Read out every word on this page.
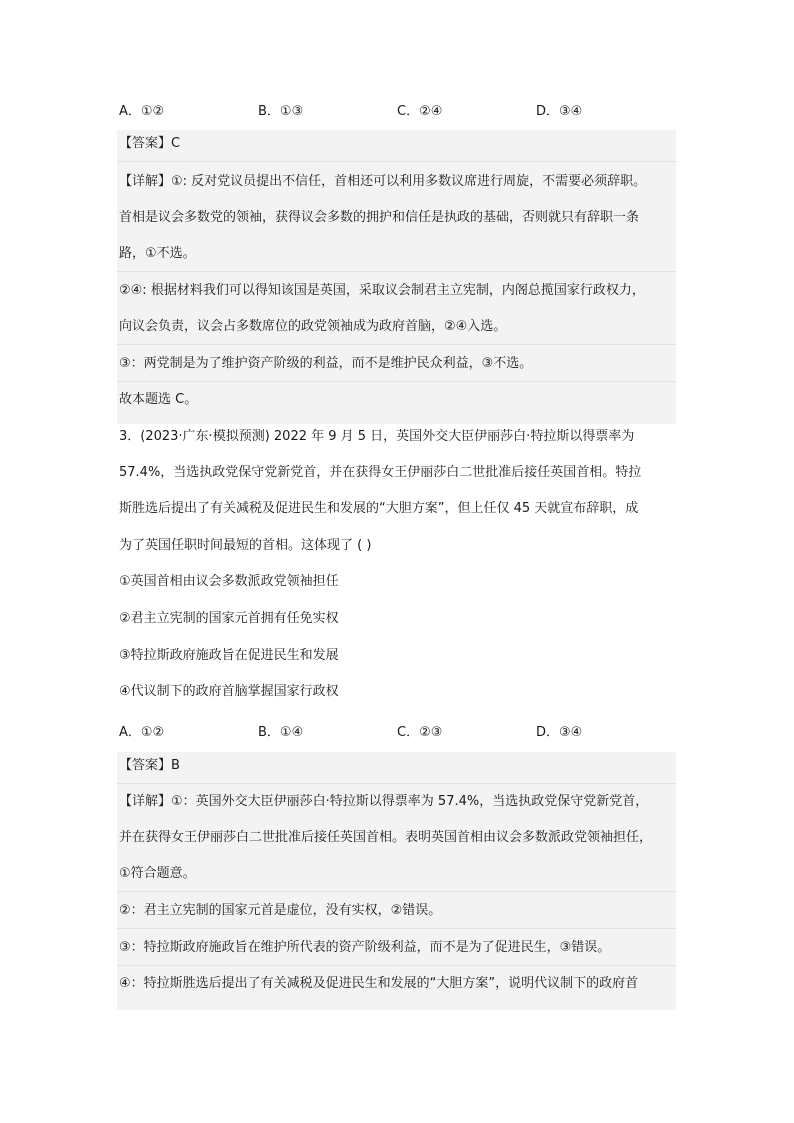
A．①②	B．①③	C．②④	D．③④
【答案】C
【详解】①: 反对党议员提出不信任，首相还可以利用多数议席进行周旋，不需要必须辞职。
首相是议会多数党的领袖，获得议会多数的拥护和信任是执政的基础，否则就只有辞职一条
路，①不选。
②④: 根据材料我们可以得知该国是英国，采取议会制君主立宪制，内阁总揽国家行政权力，
向议会负责，议会占多数席位的政党领袖成为政府首脑，②④入选。
③：两党制是为了维护资产阶级的利益，而不是维护民众利益，③不选。
故本题选 C。
3．(2023·广东·模拟预测) 2022 年 9 月 5 日，英国外交大臣伊丽莎白·特拉斯以得票率为
57.4%，当选执政党保守党新党首，并在获得女王伊丽莎白二世批准后接任英国首相。特拉
斯胜选后提出了有关减税及促进民生和发展的“大胆方案”，但上任仅 45 天就宣布辞职，成
为了英国任职时间最短的首相。这体现了 ( )
①英国首相由议会多数派政党领袖担任
②君主立宪制的国家元首拥有任免实权
③特拉斯政府施政旨在促进民生和发展
④代议制下的政府首脑掌握国家行政权
A．①②	B．①④	C．②③	D．③④
【答案】B
【详解】①：英国外交大臣伊丽莎白·特拉斯以得票率为 57.4%，当选执政党保守党新党首，
并在获得女王伊丽莎白二世批准后接任英国首相。表明英国首相由议会多数派政党领袖担任，
①符合题意。
②：君主立宪制的国家元首是虚位，没有实权，②错误。
③：特拉斯政府施政旨在维护所代表的资产阶级利益，而不是为了促进民生，③错误。
④：特拉斯胜选后提出了有关减税及促进民生和发展的“大胆方案”，说明代议制下的政府首
